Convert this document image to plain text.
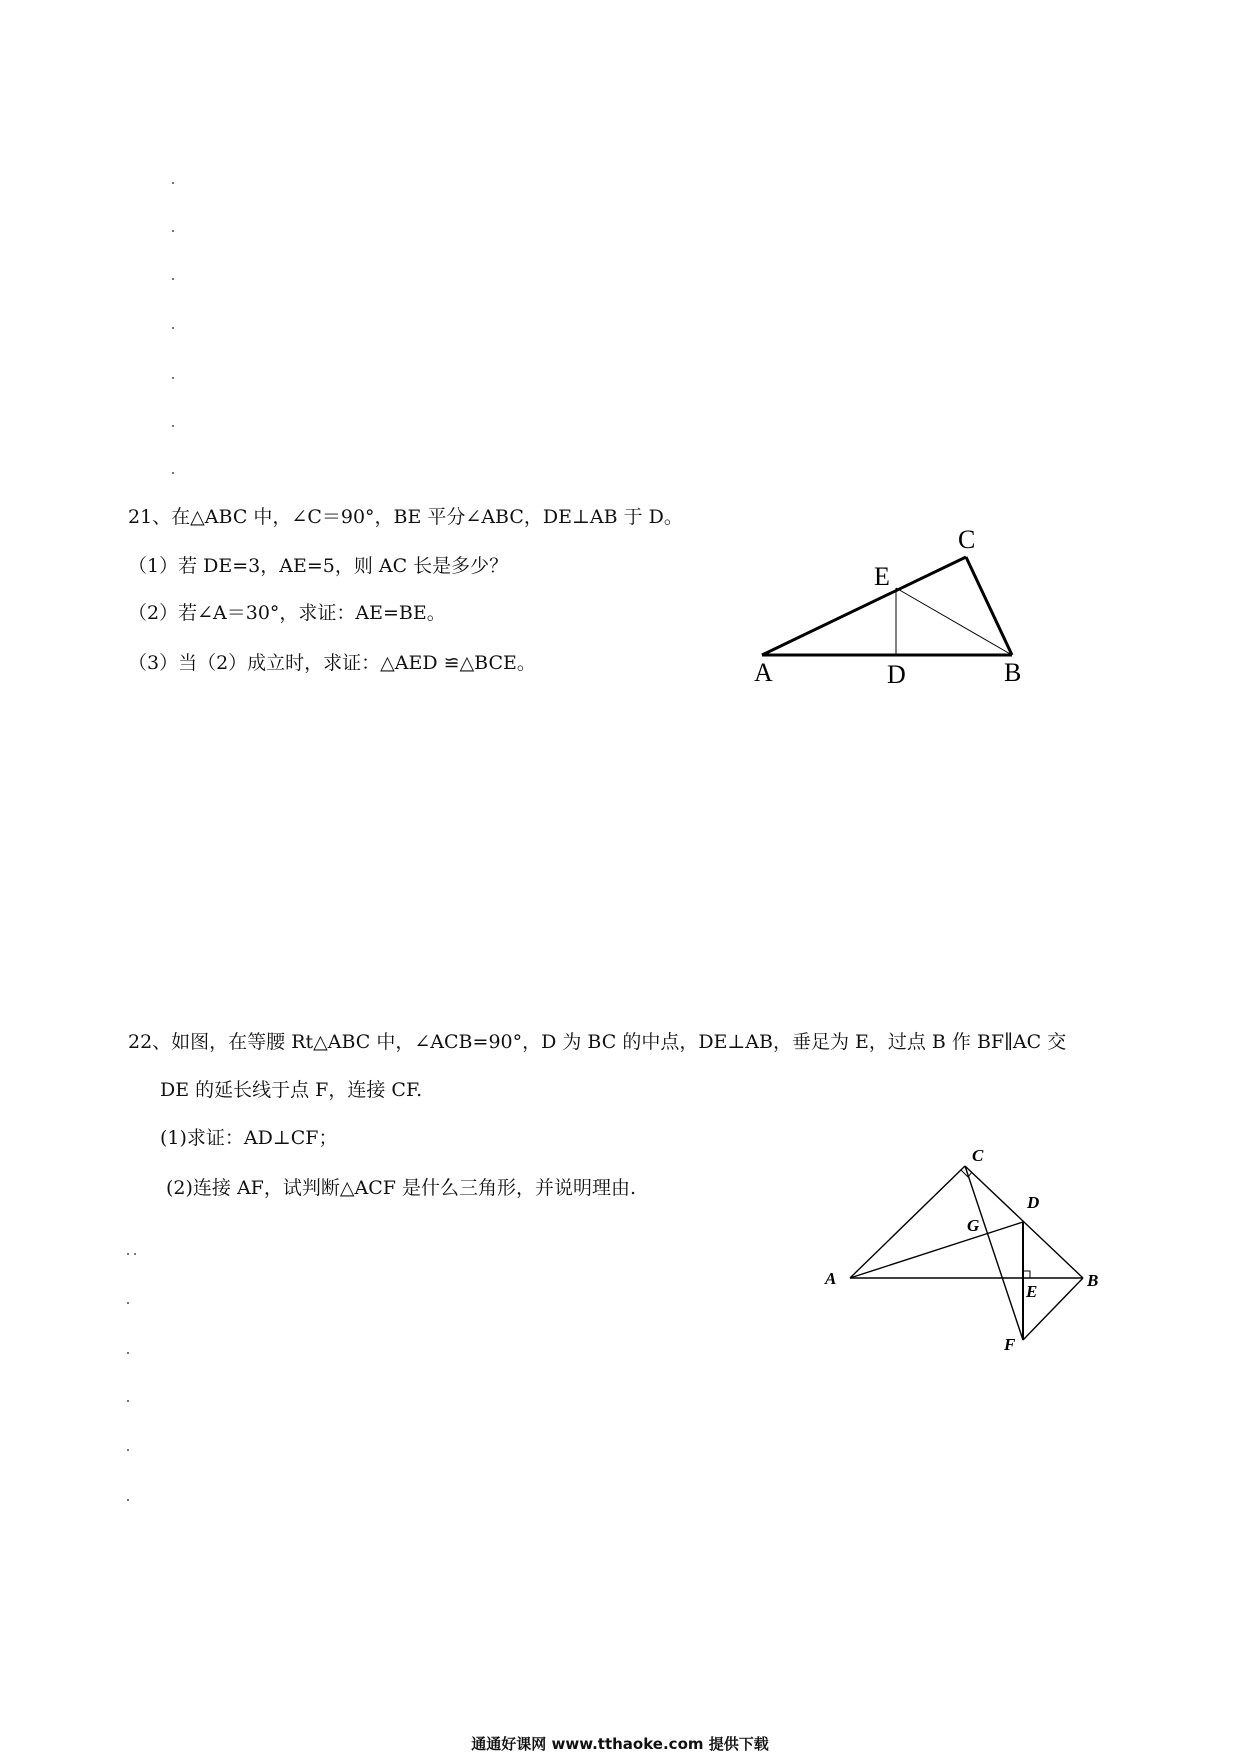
21、在△ABC 中，∠C＝90°，BE 平分∠ABC，DE⊥AB 于 D。
（1）若 DE=3，AE=5，则 AC 长是多少？
（2）若∠A＝30°，求证：AE=BE。
（3）当（2）成立时，求证：△AED ≌△BCE。	A	D	B
E
C
22、如图，在等腰 Rt△ABC 中，∠ACB=90°，D 为 BC 的中点，DE⊥AB，垂足为 E，过点 B 作 BF∥AC 交
DE 的延长线于点 F，连接 CF.
(1)求证：AD⊥CF；
(2)连接 AF，试判断△ACF 是什么三角形，并说明理由.
A	B
C
D
E
F
G
通通好课网 www.tthaoke.com 提供下载
